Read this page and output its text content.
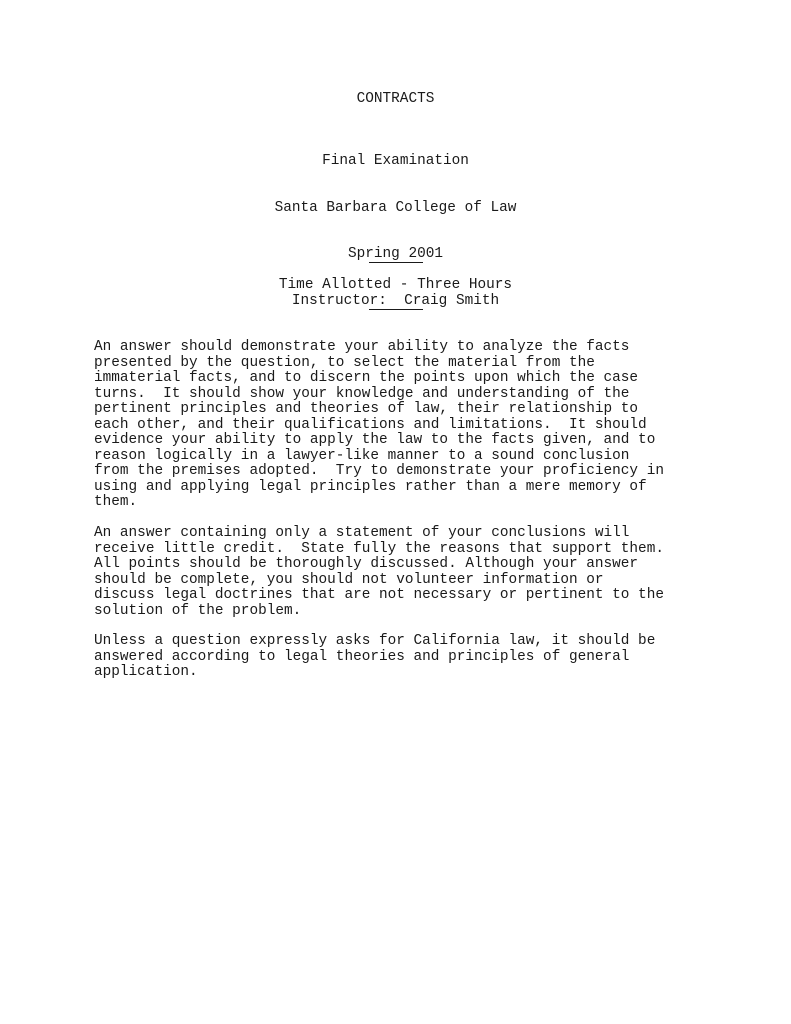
CONTRACTS

Final Examination

Santa Barbara College of Law

Spring 2001

Instructor:  Craig Smith

Time Allotted - Three Hours

An answer should demonstrate your ability to analyze the facts
presented by the question, to select the material from the
immaterial facts, and to discern the points upon which the case
turns.  It should show your knowledge and understanding of the
pertinent principles and theories of law, their relationship to
each other, and their qualifications and limitations.  It should
evidence your ability to apply the law to the facts given, and to
reason logically in a lawyer-like manner to a sound conclusion
from the premises adopted.  Try to demonstrate your proficiency in
using and applying legal principles rather than a mere memory of
them.

An answer containing only a statement of your conclusions will
receive little credit.  State fully the reasons that support them.
All points should be thoroughly discussed. Although your answer
should be complete, you should not volunteer information or
discuss legal doctrines that are not necessary or pertinent to the
solution of the problem.

Unless a question expressly asks for California law, it should be
answered according to legal theories and principles of general
application.
